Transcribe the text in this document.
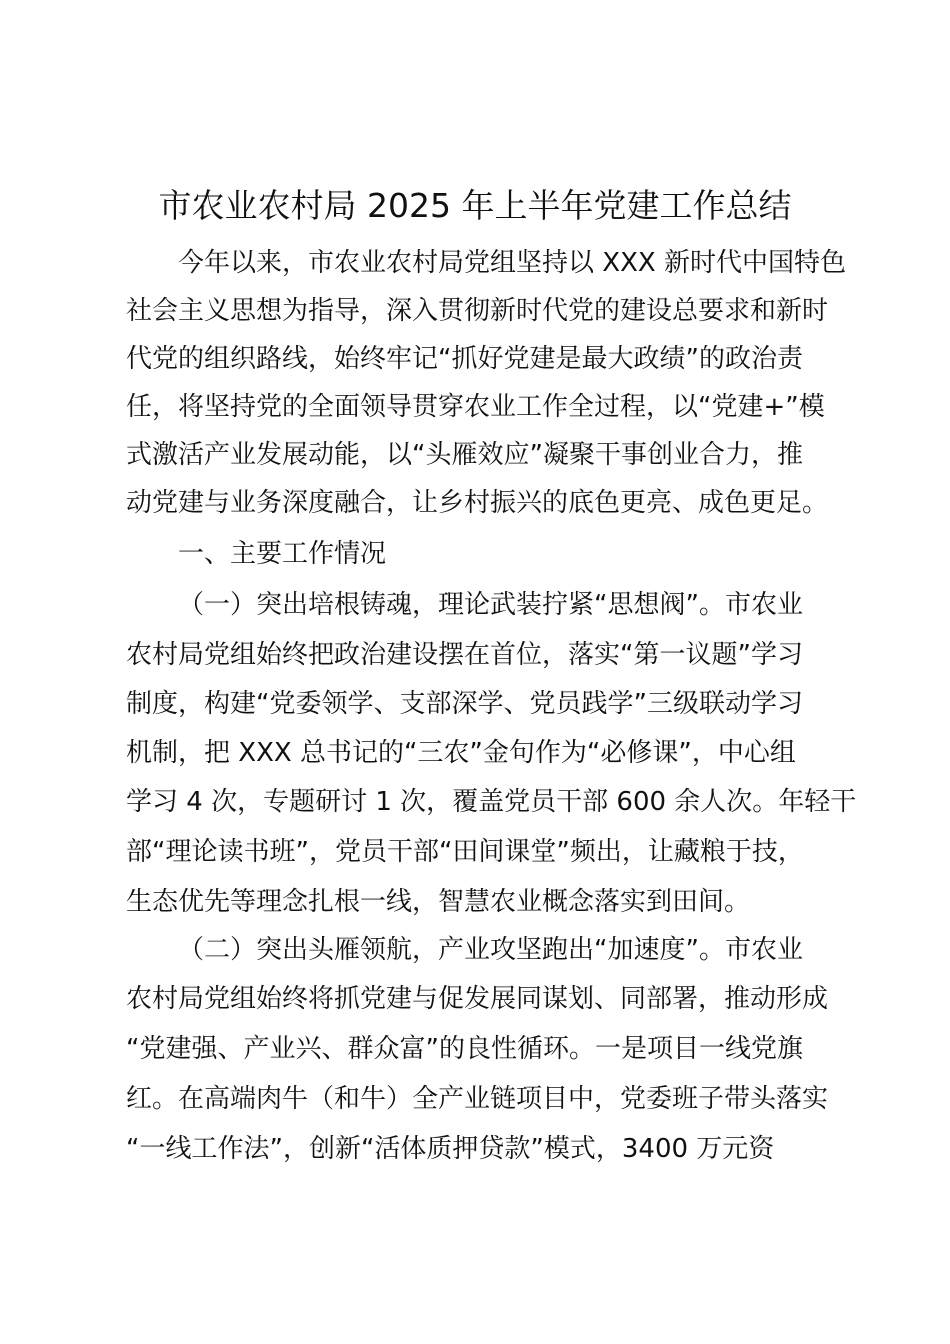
市农业农村局 2025 年上半年党建工作总结
今年以来，市农业农村局党组坚持以 XXX 新时代中国特色
社会主义思想为指导，深入贯彻新时代党的建设总要求和新时
代党的组织路线，始终牢记“抓好党建是最大政绩”的政治责
任，将坚持党的全面领导贯穿农业工作全过程，以“党建+”模
式激活产业发展动能，以“头雁效应”凝聚干事创业合力，推
动党建与业务深度融合，让乡村振兴的底色更亮、成色更足。
一、主要工作情况
（一）突出培根铸魂，理论武装拧紧“思想阀”。市农业
农村局党组始终把政治建设摆在首位，落实“第一议题”学习
制度，构建“党委领学、支部深学、党员践学”三级联动学习
机制，把 XXX 总书记的“三农”金句作为“必修课”，中心组
学习 4 次，专题研讨 1 次，覆盖党员干部 600 余人次。年轻干
部“理论读书班”，党员干部“田间课堂”频出，让藏粮于技，
生态优先等理念扎根一线，智慧农业概念落实到田间。
（二）突出头雁领航，产业攻坚跑出“加速度”。市农业
农村局党组始终将抓党建与促发展同谋划、同部署，推动形成
“党建强、产业兴、群众富”的良性循环。一是项目一线党旗
红。在高端肉牛（和牛）全产业链项目中，党委班子带头落实
“一线工作法”，创新“活体质押贷款”模式，3400 万元资
